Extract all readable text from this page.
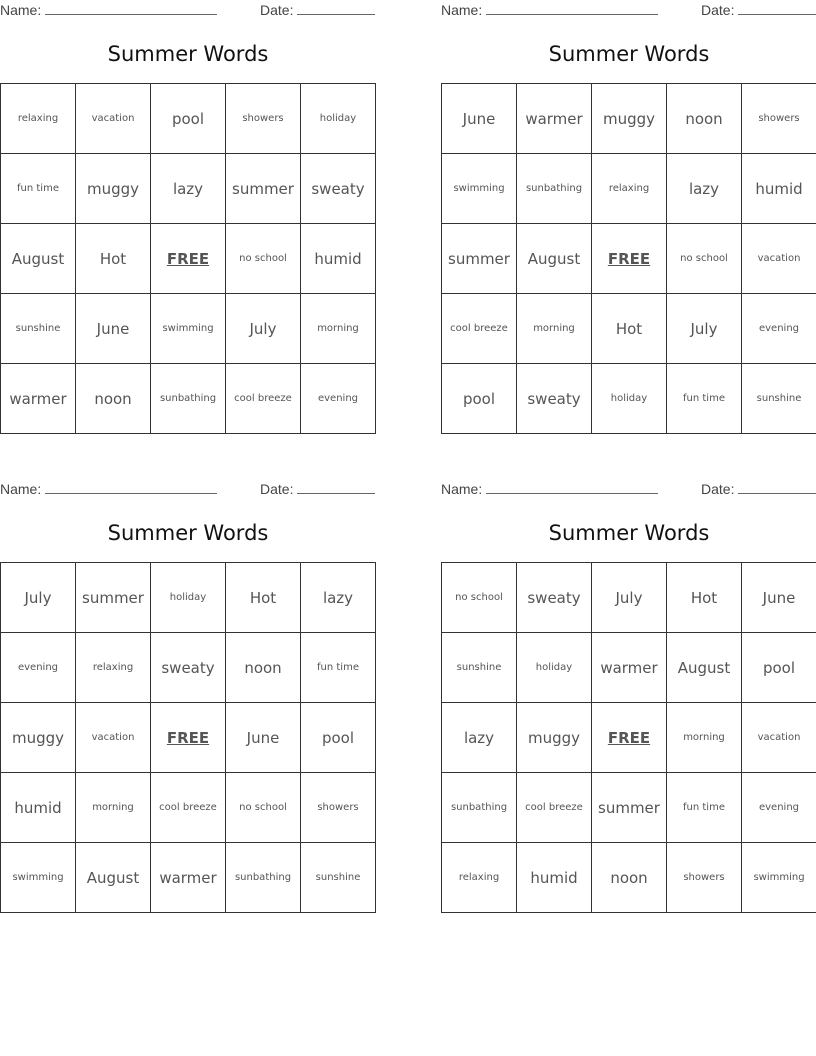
Name:	Date:
Summer Words
relaxing	vacation	pool	showers	holiday
fun time	muggy	lazy	summer	sweaty
August	Hot	FREE	no school	humid
sunshine	June	swimming	July	morning
warmer	noon	sunbathing	cool breeze	evening
Name:	Date:
Summer Words
June	warmer	muggy	noon	showers
swimming	sunbathing	relaxing	lazy	humid
summer	August	FREE	no school	vacation
cool breeze	morning	Hot	July	evening
pool	sweaty	holiday	fun time	sunshine
Name:	Date:
Summer Words
July	summer	holiday	Hot	lazy
evening	relaxing	sweaty	noon	fun time
muggy	vacation	FREE	June	pool
humid	morning	cool breeze	no school	showers
swimming	August	warmer	sunbathing	sunshine
Name:	Date:
Summer Words
no school	sweaty	July	Hot	June
sunshine	holiday	warmer	August	pool
lazy	muggy	FREE	morning	vacation
sunbathing	cool breeze	summer	fun time	evening
relaxing	humid	noon	showers	swimming
